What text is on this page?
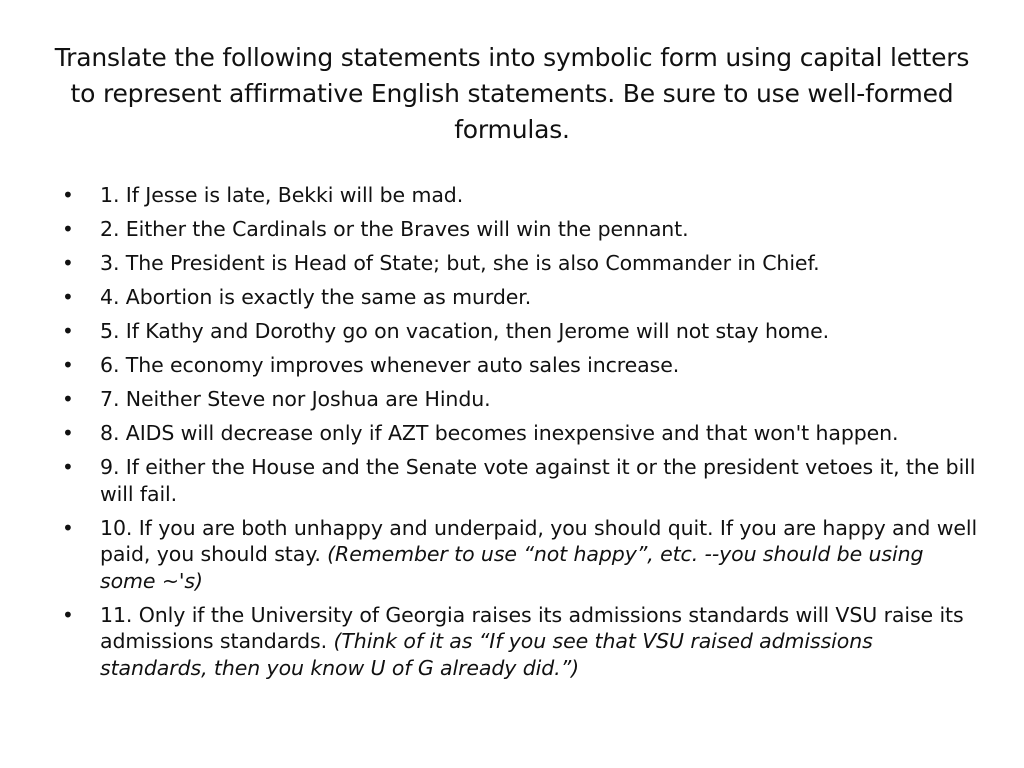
Translate the following statements into symbolic form using capital letters to represent affirmative English statements. Be sure to use well-formed formulas.
• 1. If Jesse is late, Bekki will be mad.
• 2. Either the Cardinals or the Braves will win the pennant.
• 3. The President is Head of State; but, she is also Commander in Chief.
• 4. Abortion is exactly the same as murder.
• 5. If Kathy and Dorothy go on vacation, then Jerome will not stay home.
• 6. The economy improves whenever auto sales increase.
• 7. Neither Steve nor Joshua are Hindu.
• 8. AIDS will decrease only if AZT becomes inexpensive and that won't happen.
• 9. If either the House and the Senate vote against it or the president vetoes it, the bill will fail.
• 10. If you are both unhappy and underpaid, you should quit. If you are happy and well paid, you should stay. (Remember to use “not happy”, etc. --you should be using some ~'s)
• 11. Only if the University of Georgia raises its admissions standards will VSU raise its admissions standards. (Think of it as “If you see that VSU raised admissions standards, then you know U of G already did.”)
